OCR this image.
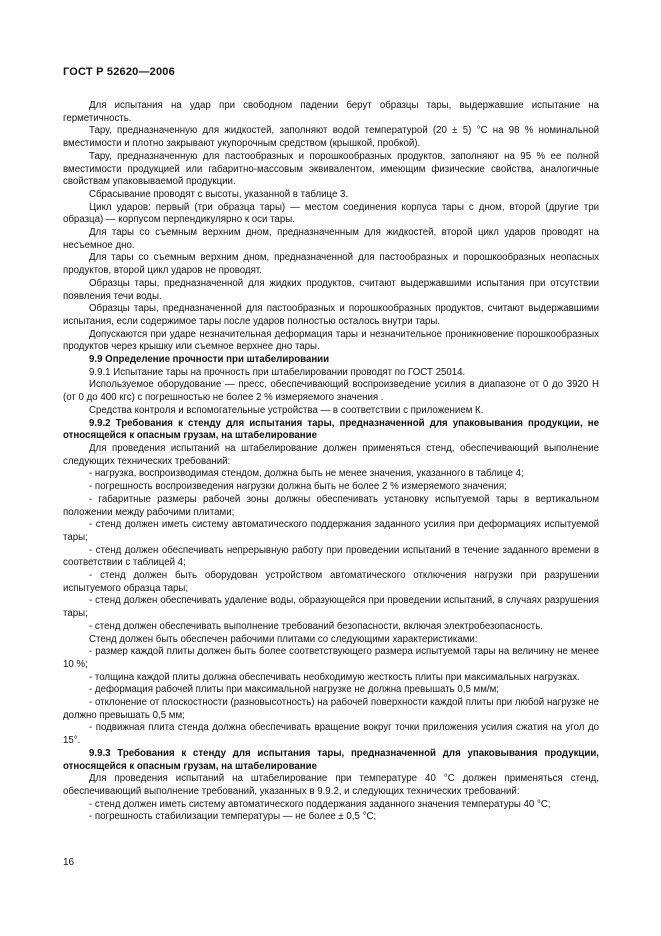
ГОСТ Р 52620—2006

Для испытания на удар при свободном падении берут образцы тары, выдержавшие испытание на герметичность.

Тару, предназначенную для жидкостей, заполняют водой температурой (20 ± 5) °С на 98 % номинальной вместимости и плотно закрывают укупорочным средством (крышкой, пробкой).

Тару, предназначенную для пастообразных и порошкообразных продуктов, заполняют на 95 % ее полной вместимости продукцией или габаритно-массовым эквивалентом, имеющим физические свойства, аналогичные свойствам упаковываемой продукции.

Сбрасывание проводят с высоты, указанной в таблице 3.

Цикл ударов: первый (три образца тары) — местом соединения корпуса тары с дном, второй (другие три образца) — корпусом перпендикулярно к оси тары.

Для тары со съемным верхним дном, предназначенным для жидкостей, второй цикл ударов проводят на несъемное дно.

Для тары со съемным верхним дном, предназначенной для пастообразных и порошкообразных неопасных продуктов, второй цикл ударов не проводят.

Образцы тары, предназначенной для жидких продуктов, считают выдержавшими испытания при отсутствии появления течи воды.

Образцы тары, предназначенной для пастообразных и порошкообразных продуктов, считают выдержавшими испытания, если содержимое тары после ударов полностью осталось внутри тары.

Допускаются при ударе незначительная деформация тары и незначительное проникновение порошкообразных продуктов через крышку или съемное верхнее дно тары.

9.9 Определение прочности при штабелировании

9.9.1 Испытание тары на прочность при штабелировании проводят по ГОСТ 25014.

Используемое оборудование — пресс, обеспечивающий воспроизведение усилия в диапазоне от 0 до 3920 Н (от 0 до 400 кгс) с погрешностью не более 2 % измеряемого значения .

Средства контроля и вспомогательные устройства — в соответствии с приложением К.

9.9.2 Требования к стенду для испытания тары, предназначенной для упаковывания продукции, не относящейся к опасным грузам, на штабелирование

Для проведения испытаний на штабелирование должен применяться стенд, обеспечивающий выполнение следующих технических требований:

- нагрузка, воспроизводимая стендом, должна быть не менее значения, указанного в таблице 4;

- погрешность воспроизведения нагрузки должна быть не более 2 % измеряемого значения;

- габаритные размеры рабочей зоны должны обеспечивать установку испытуемой тары в вертикальном положении между рабочими плитами;

- стенд должен иметь систему автоматического поддержания заданного усилия при деформациях испытуемой тары;

- стенд должен обеспечивать непрерывную работу при проведении испытаний в течение заданного времени в соответствии с таблицей 4;

- стенд должен быть оборудован устройством автоматического отключения нагрузки при разрушении испытуемого образца тары;

- стенд должен обеспечивать удаление воды, образующейся при проведении испытаний, в случаях разрушения тары;

- стенд должен обеспечивать выполнение требований безопасности, включая электробезопасность.

Стенд должен быть обеспечен рабочими плитами со следующими характеристиками:

- размер каждой плиты должен быть более соответствующего размера испытуемой тары на величину не менее 10 %;

- толщина каждой плиты должна обеспечивать необходимую жесткость плиты при максимальных нагрузках.

- деформация рабочей плиты при максимальной нагрузке не должна превышать 0,5 мм/м;

- отклонение от плоскостности (разновысотность) на рабочей поверхности каждой плиты при любой нагрузке не должно превышать 0,5 мм;

- подвижная плита стенда должна обеспечивать вращение вокруг точки приложения усилия сжатия на угол до 15°.

9.9.3 Требования к стенду для испытания тары, предназначенной для упаковывания продукции, относящейся к опасным грузам, на штабелирование

Для проведения испытаний на штабелирование при температуре 40 °С должен применяться стенд, обеспечивающий выполнение требований, указанных в 9.9.2, и следующих технических требований:

- стенд должен иметь систему автоматического поддержания заданного значения температуры 40 °С;

- погрешность стабилизации температуры — не более ± 0,5 °С;

16
